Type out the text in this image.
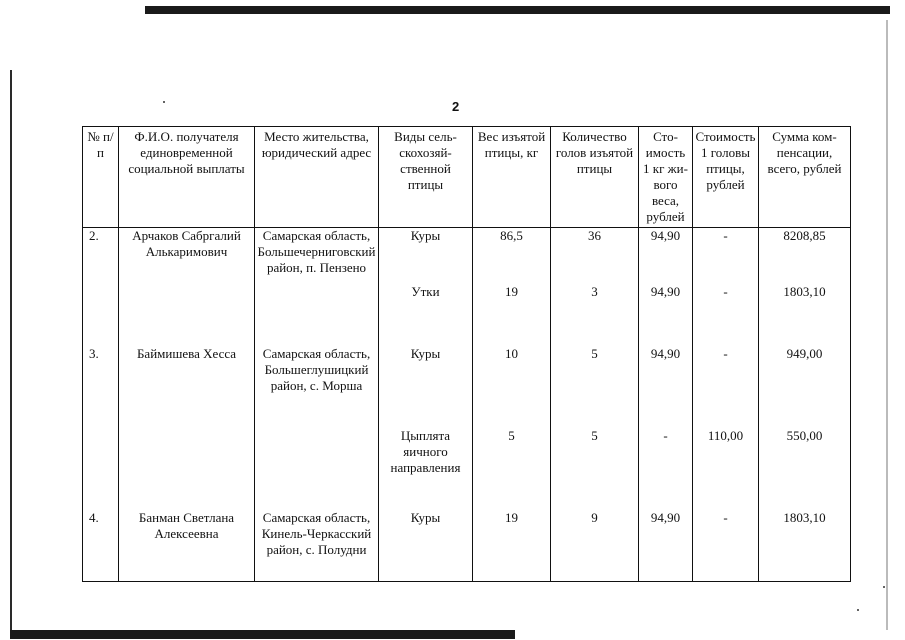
2
№ п/п	Ф.И.О. получателя единовременной социальной выплаты	Место жительства, юридический адрес	Виды сельскохозяйственной птицы	Вес изъятой птицы, кг	Количество голов изъятой птицы	Стоимость 1 кг живого веса, рублей	Стоимость 1 головы птицы, рублей	Сумма компенсации, всего, рублей
2.	Арчаков Сабргалий Алькаримович	Самарская область, Большечерниговский район, п. Пензено	Куры	86,5	36	94,90	-	8208,85
			Утки	19	3	94,90	-	1803,10
3.	Баймишева Хесса	Самарская область, Большеглушицкий район, с. Морша	Куры	10	5	94,90	-	949,00
			Цыплята яичного направления	5	5	-	110,00	550,00
4.	Банман Светлана Алексеевна	Самарская область, Кинель-Черкасский район, с. Полудни	Куры	19	9	94,90	-	1803,10
